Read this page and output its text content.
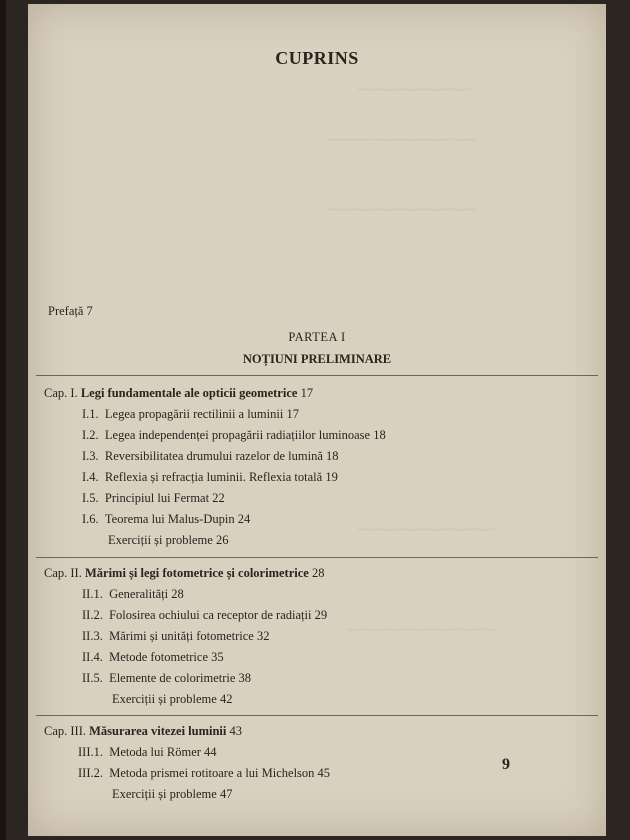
~~~~~~~~~~~~~~~~~~~
~~~~~~~~~~~~~~~~~~~~~~~~~
~~~~~~~~~~~~~~~~~~~~~~~~~
~~~~~~~~~~~~~~~~~~~~~~~
~~~~~~~~~~~~~~~~~~~~~~~~~
CUPRINS
Prefață 7
PARTEA I
NOȚIUNI PRELIMINARE
Cap. I. Legi fundamentale ale opticii geometrice 17
I.1. Legea propagării rectilinii a luminii 17
I.2. Legea independenței propagării radiațiilor luminoase 18
I.3. Reversibilitatea drumului razelor de lumină 18
I.4. Reflexia și refracția luminii. Reflexia totală 19
I.5. Principiul lui Fermat 22
I.6. Teorema lui Malus-Dupin 24
Exerciții și probleme 26
Cap. II. Mărimi și legi fotometrice și colorimetrice 28
II.1. Generalități 28
II.2. Folosirea ochiului ca receptor de radiații 29
II.3. Mărimi și unități fotometrice 32
II.4. Metode fotometrice 35
II.5. Elemente de colorimetrie 38
Exerciții și probleme 42
Cap. III. Măsurarea vitezei luminii 43
III.1. Metoda lui Römer 44
III.2. Metoda prismei rotitoare a lui Michelson 45
Exerciții și probleme 47
9
